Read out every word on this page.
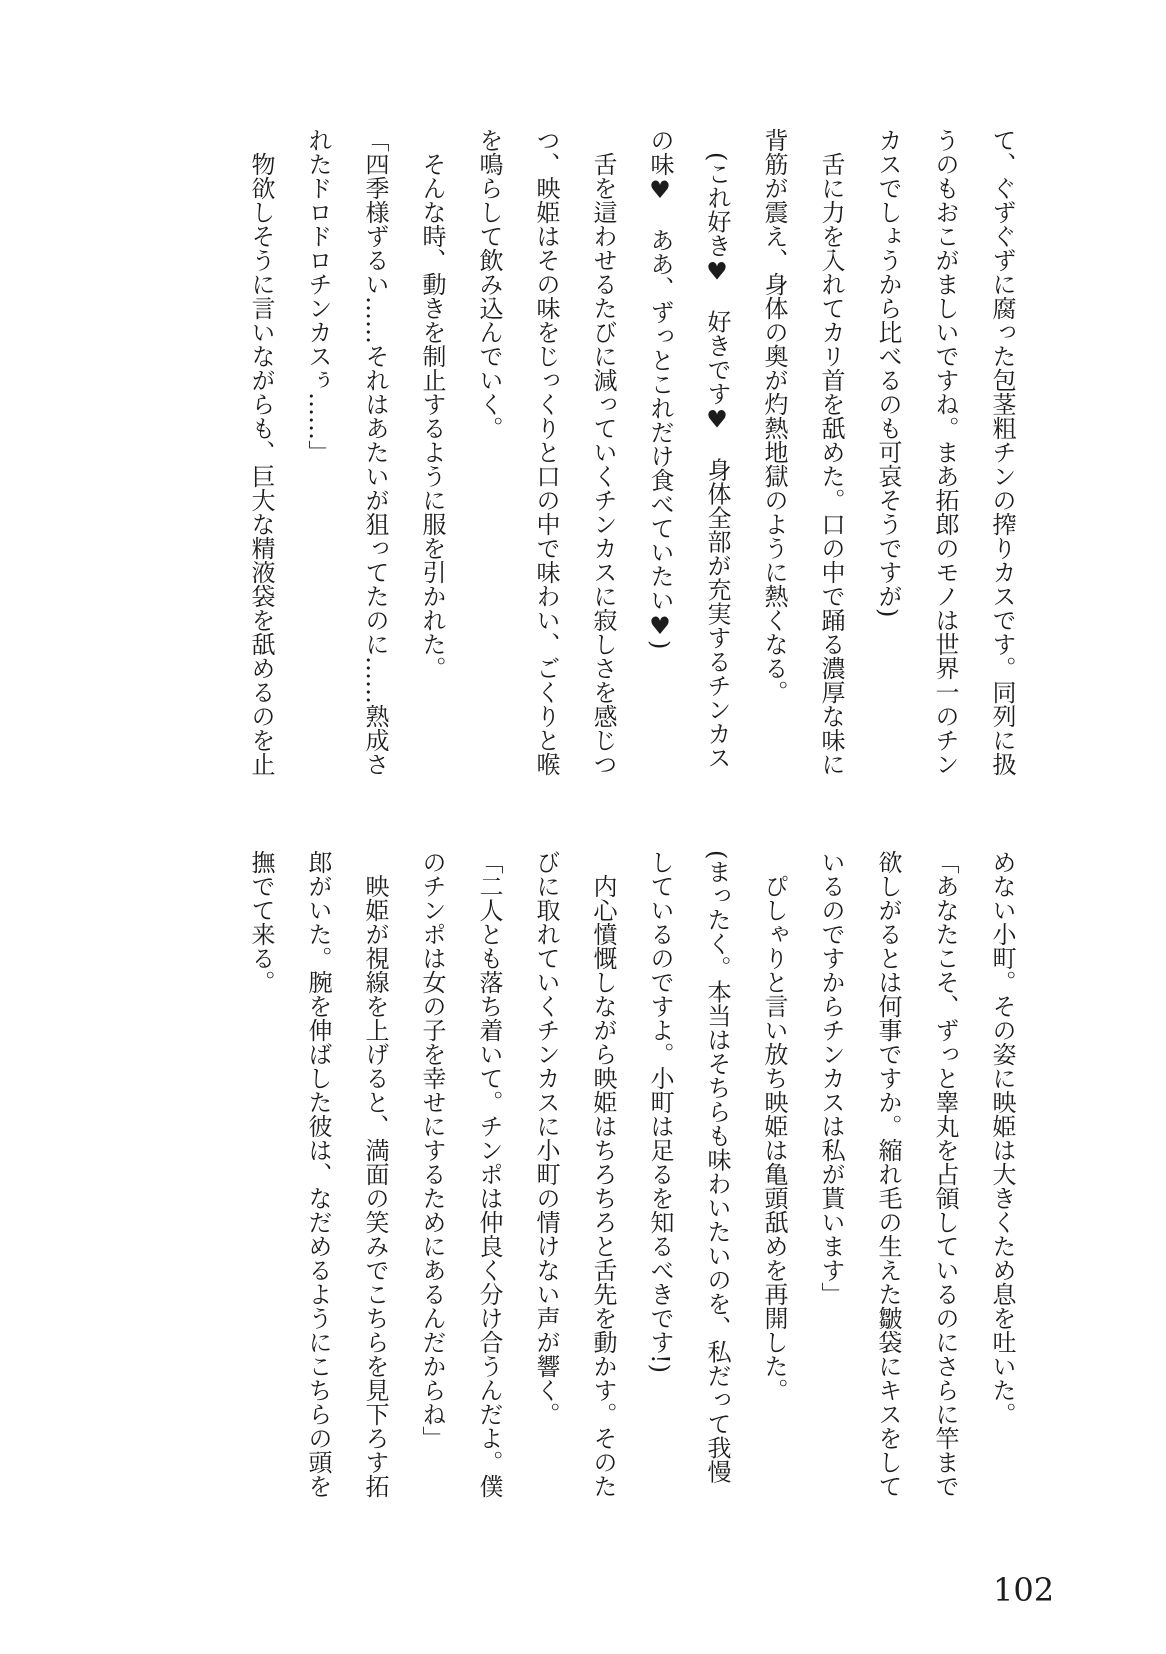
て、ぐずぐずに腐った包茎粗チンの搾りカスです。同列に扱うのもおこがましいですね。まあ拓郎のモノは世界一のチンカスでしょうから比べるのも可哀そうですが)

舌に力を入れてカリ首を舐めた。口の中で踊る濃厚な味に背筋が震え、身体の奥が灼熱地獄のように熱くなる。

(これ好き♥　好きです♥　身体全部が充実するチンカスの味♥　ああ、ずっとこれだけ食べていたい♥)

舌を這わせるたびに減っていくチンカスに寂しさを感じつつ、映姫はその味をじっくりと口の中で味わい、ごくりと喉を鳴らして飲み込んでいく。

そんな時、動きを制止するように服を引かれた。

「四季様ずるい……それはあたいが狙ってたのに……熟成されたドロドロチンカスぅ……」

物欲しそうに言いながらも、巨大な精液袋を舐めるのを止

めない小町。その姿に映姫は大きくため息を吐いた。

「あなたこそ、ずっと睾丸を占領しているのにさらに竿まで欲しがるとは何事ですか。縮れ毛の生えた皺袋にキスをしているのですからチンカスは私が貰います」

ぴしゃりと言い放ち映姫は亀頭舐めを再開した。

(まったく。本当はそちらも味わいたいのを、私だって我慢しているのですよ。小町は足るを知るべきです!)

内心憤慨しながら映姫はちろちろと舌先を動かす。そのたびに取れていくチンカスに小町の情けない声が響く。

「二人とも落ち着いて。チンポは仲良く分け合うんだよ。僕のチンポは女の子を幸せにするためにあるんだからね」

映姫が視線を上げると、満面の笑みでこちらを見下ろす拓郎がいた。腕を伸ばした彼は、なだめるようにこちらの頭を撫でて来る。

102
